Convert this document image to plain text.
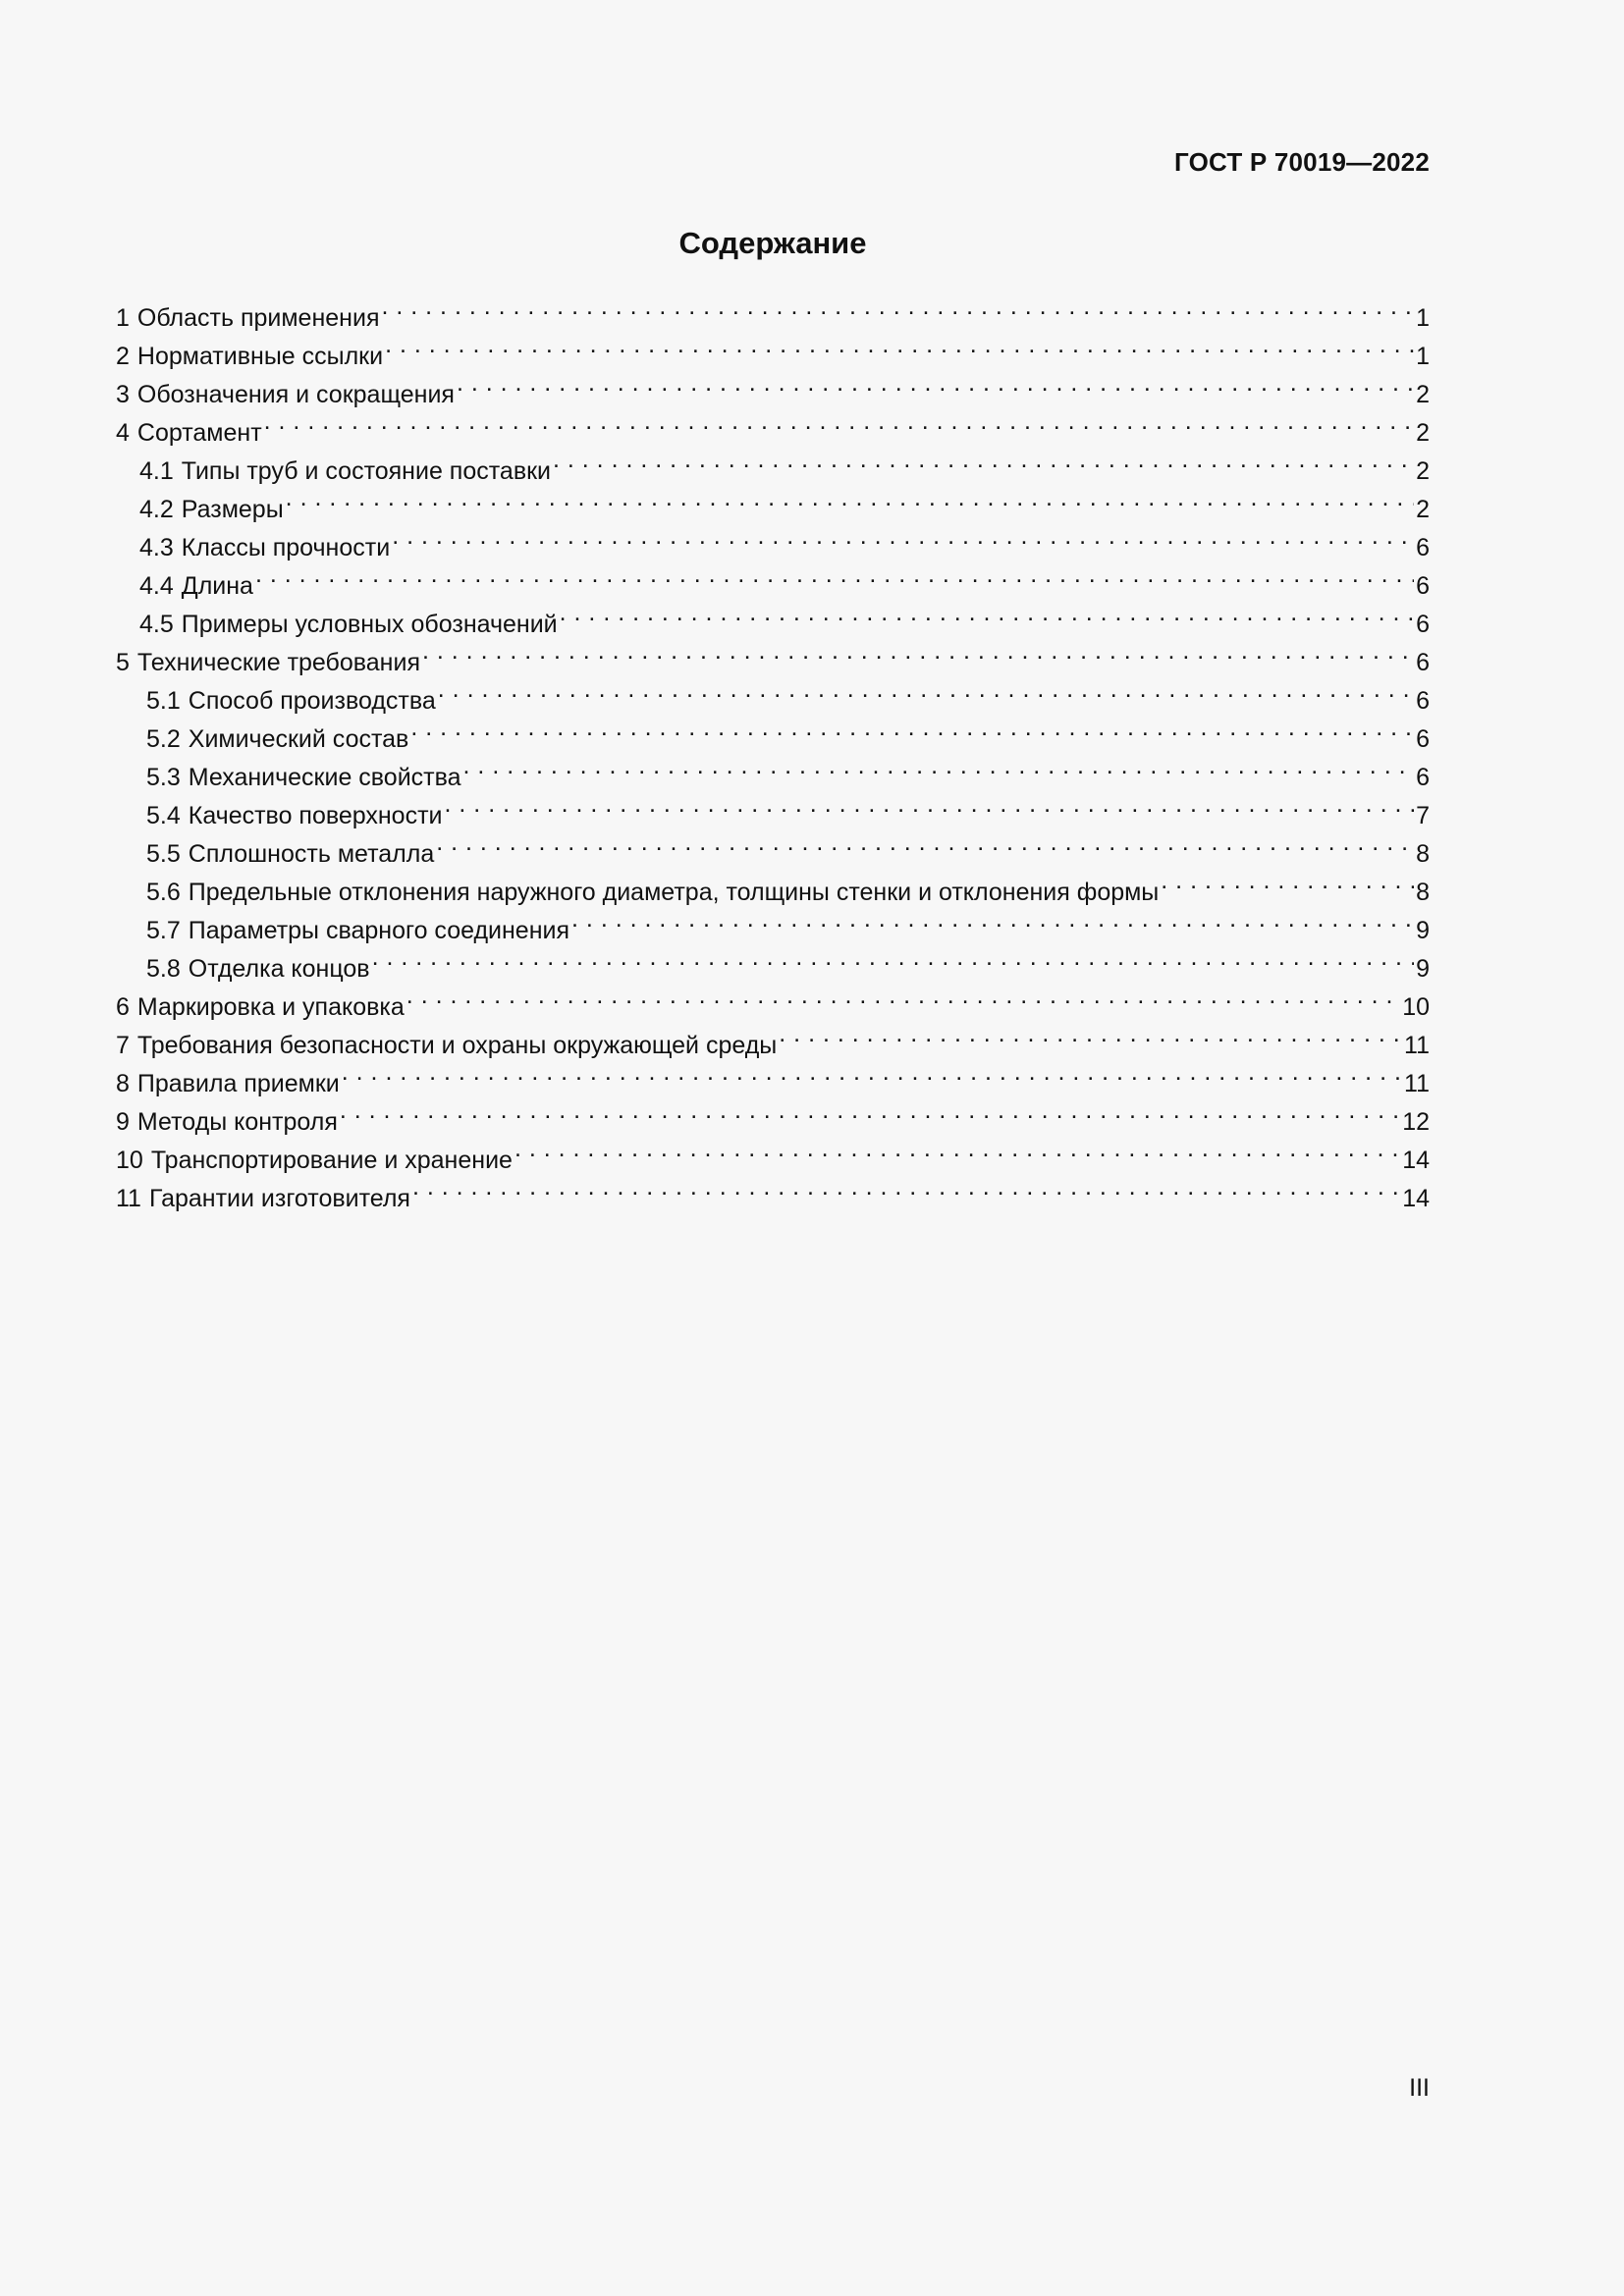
ГОСТ Р 70019—2022
Содержание
1 Область применения . . .	1
2 Нормативные ссылки . . .	1
3 Обозначения и сокращения . . .	2
4 Сортамент . . .	2
4.1 Типы труб и состояние поставки . . .	2
4.2 Размеры . . .	2
4.3 Классы прочности . . .	6
4.4 Длина . . .	6
4.5 Примеры условных обозначений . . .	6
5 Технические требования . . .	6
5.1 Способ производства . . .	6
5.2 Химический состав . . .	6
5.3 Механические свойства . . .	6
5.4 Качество поверхности . . .	7
5.5 Сплошность металла . . .	8
5.6 Предельные отклонения наружного диаметра, толщины стенки и отклонения формы . . .	8
5.7 Параметры сварного соединения . . .	9
5.8 Отделка концов . . .	9
6 Маркировка и упаковка . . .	10
7 Требования безопасности и охраны окружающей среды . . .	11
8 Правила приемки . . .	11
9 Методы контроля . . .	12
10 Транспортирование и хранение . . .	14
11 Гарантии изготовителя . . .	14
III
